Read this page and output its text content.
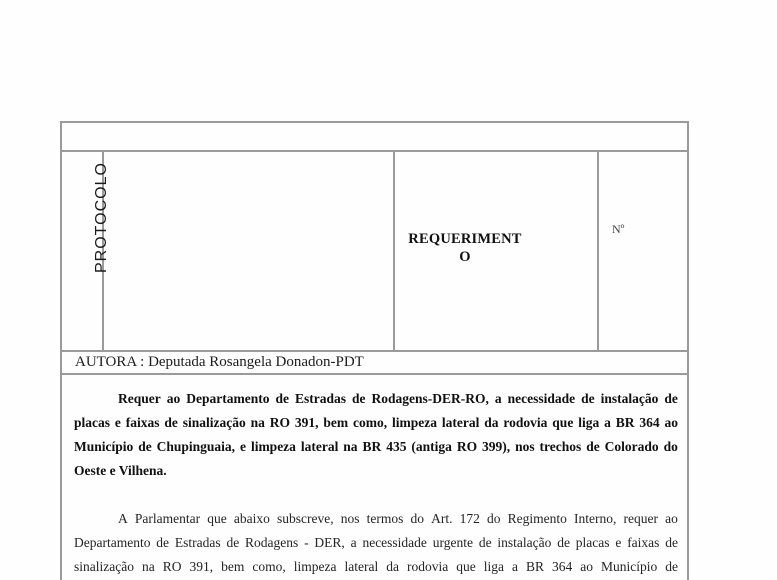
PROTOCOLO	REQUERIMENT
O
Nº
AUTORA : Deputada Rosangela Donadon-PDT
Requer ao Departamento de Estradas de Rodagens-DER-RO, a necessidade de instalação de
placas e faixas de sinalização na RO 391, bem como, limpeza lateral da rodovia que liga a BR 364 ao
Município de Chupinguaia, e limpeza lateral na BR 435 (antiga RO 399), nos trechos de Colorado do
Oeste e Vilhena.
A Parlamentar que abaixo subscreve, nos termos do Art. 172 do Regimento Interno, requer ao
Departamento de Estradas de Rodagens - DER, a necessidade urgente de instalação de placas e faixas de
sinalização na RO 391, bem como, limpeza lateral da rodovia que liga a BR 364 ao Município de
